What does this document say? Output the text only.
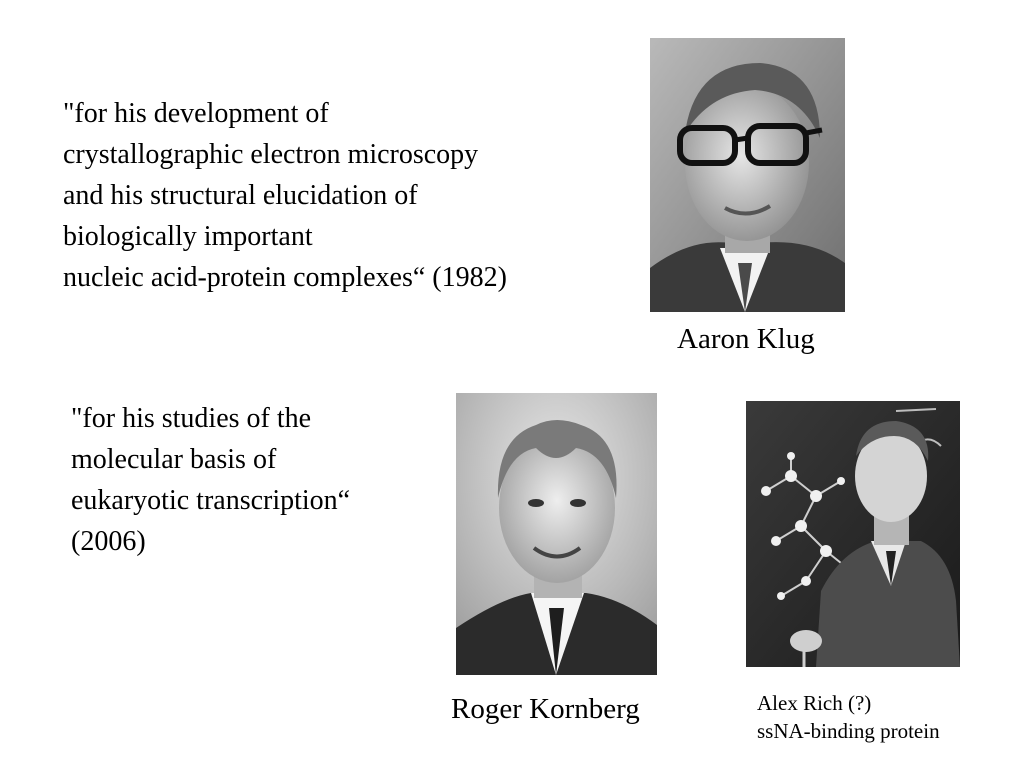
"for his development of
crystallographic electron microscopy
and his structural elucidation of
biologically important
nucleic acid-protein complexes“ (1982)
Aaron Klug
"for his studies of the
molecular basis of
eukaryotic transcription“
(2006)
Roger Kornberg	Alex Rich (?)
ssNA-binding protein
